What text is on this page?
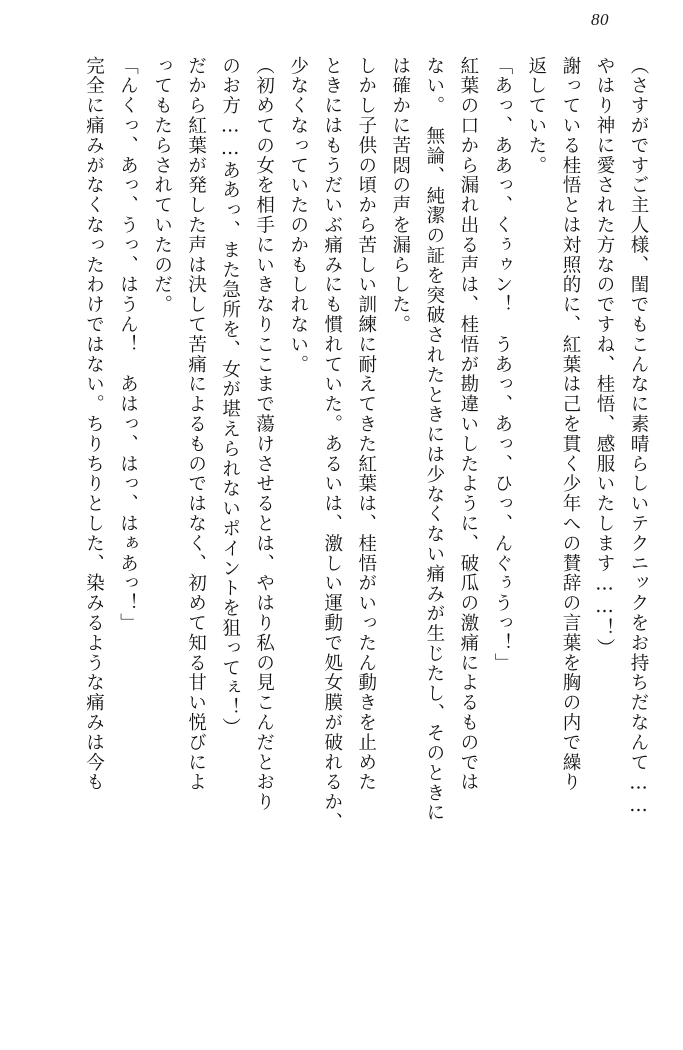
80

（さすがですご主人様、閨でもこんなに素晴らしいテクニックをお持ちだなんて……

やはり神に愛された方なのですね、桂悟、感服いたします……！）

謝っている桂悟とは対照的に、紅葉は己を貫く少年への賛辞の言葉を胸の内で繰り

返していた。

「あっ、ああっ、くぅゥン！　うあっ、あっ、ひっ、んぐぅうっ！」

紅葉の口から漏れ出る声は、桂悟が勘違いしたように、破瓜の激痛によるものでは

ない。　無論、純潔の証を突破されたときには少なくない痛みが生じたし、そのときに

は確かに苦悶の声を漏らした。

しかし子供の頃から苦しい訓練に耐えてきた紅葉は、桂悟がいったん動きを止めた

ときにはもうだいぶ痛みにも慣れていた。あるいは、激しい運動で処女膜が破れるか、

少なくなっていたのかもしれない。

（初めての女を相手にいきなりここまで蕩けさせるとは、やはり私の見こんだとおり

のお方……ああっ、また急所を、女が堪えられないポイントを狙ってぇ！）

だから紅葉が発した声は決して苦痛によるものではなく、初めて知る甘い悦びによ

ってもたらされていたのだ。

「んくっ、あっ、うっ、はうん！　あはっ、はっ、はぁあっ！」

完全に痛みがなくなったわけではない。ちりちりとした、染みるような痛みは今も
